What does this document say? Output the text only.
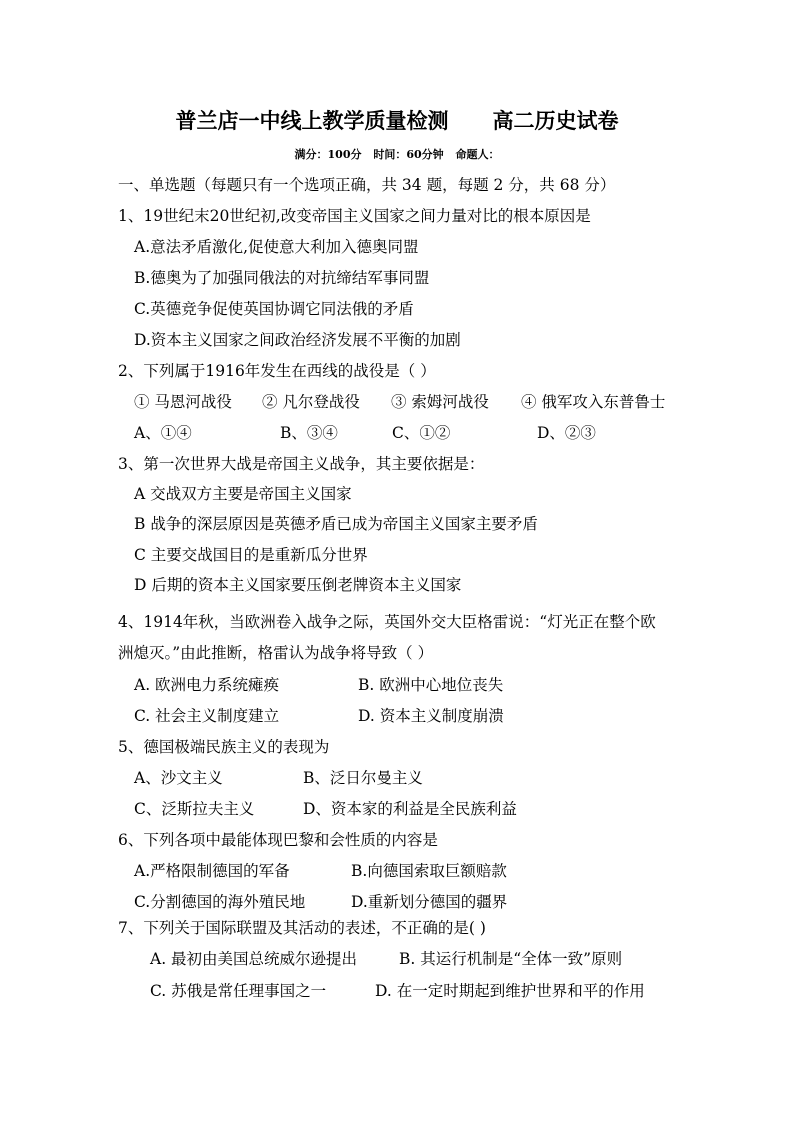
普兰店一中线上教学质量检测 高二历史试卷
满分：100分 时间：60分钟 命题人：
一、单选题（每题只有一个选项正确，共 34 题，每题 2 分，共 68 分）
1、19世纪末20世纪初,改变帝国主义国家之间力量对比的根本原因是
A.意法矛盾激化,促使意大利加入德奥同盟
B.德奥为了加强同俄法的对抗缔结军事同盟
C.英德竞争促使英国协调它同法俄的矛盾
D.资本主义国家之间政治经济发展不平衡的加剧
2、下列属于1916年发生在西线的战役是（ ）
① 马恩河战役 ② 凡尔登战役 ③ 索姆河战役 ④ 俄军攻入东普鲁士
A、①④	B、③④	C、①②	D、②③
3、第一次世界大战是帝国主义战争，其主要依据是：
A 交战双方主要是帝国主义国家
B 战争的深层原因是英德矛盾已成为帝国主义国家主要矛盾
C 主要交战国目的是重新瓜分世界
D 后期的资本主义国家要压倒老牌资本主义国家
4、1914年秋，当欧洲卷入战争之际，英国外交大臣格雷说：“灯光正在整个欧
洲熄灭。”由此推断，格雷认为战争将导致（ ）
A. 欧洲电力系统瘫痪	B. 欧洲中心地位丧失
C. 社会主义制度建立	D. 资本主义制度崩溃
5、德国极端民族主义的表现为
A、沙文主义	B、泛日尔曼主义
C、泛斯拉夫主义	D、资本家的利益是全民族利益
6、下列各项中最能体现巴黎和会性质的内容是
A.严格限制德国的军备	B.向德国索取巨额赔款
C.分割德国的海外殖民地	D.重新划分德国的疆界
7、下列关于国际联盟及其活动的表述，不正确的是( )
A. 最初由美国总统威尔逊提出	B. 其运行机制是“全体一致”原则
C. 苏俄是常任理事国之一	D. 在一定时期起到维护世界和平的作用
